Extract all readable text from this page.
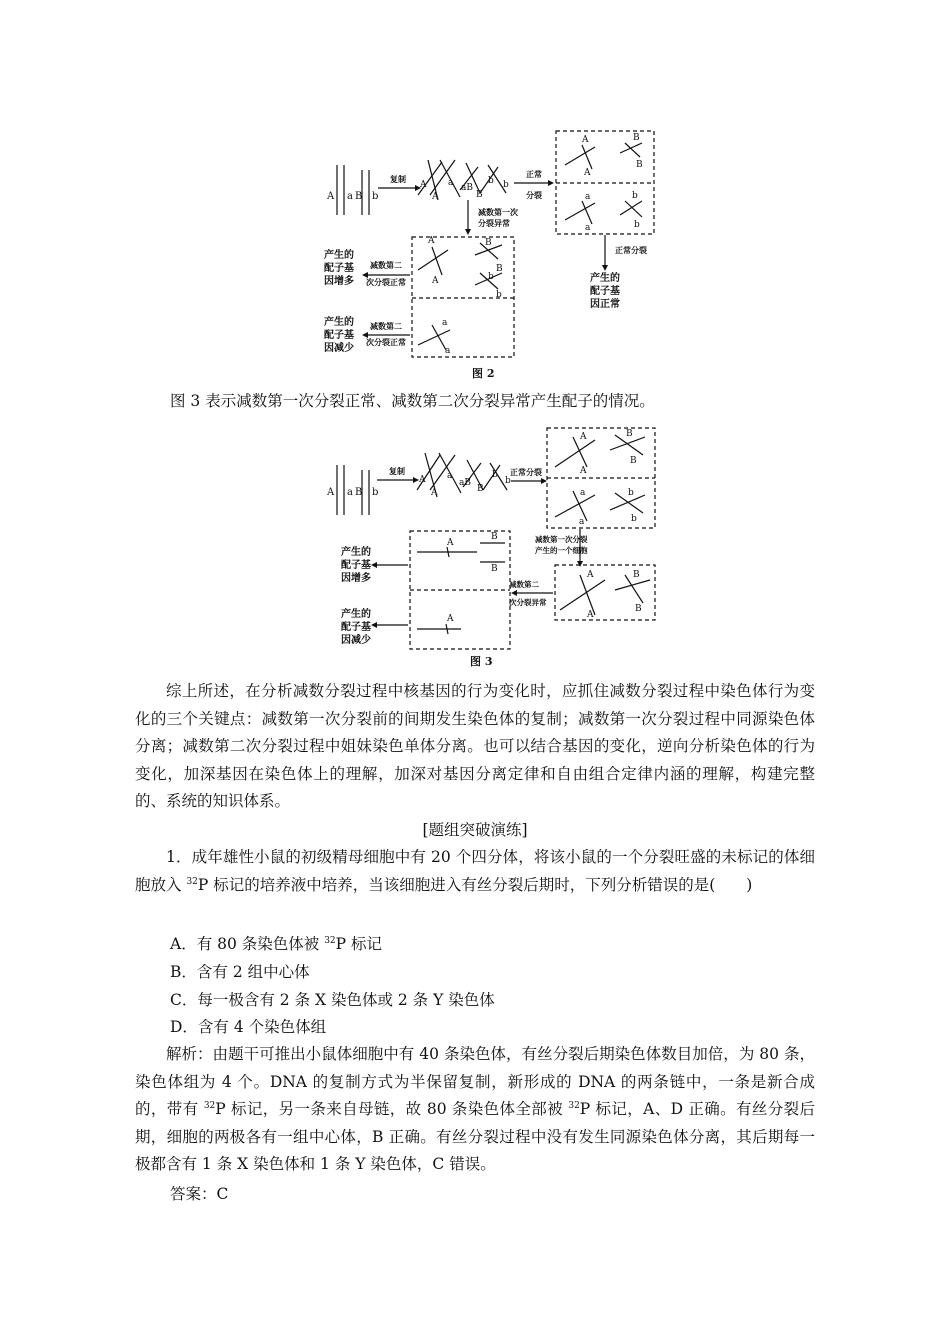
A a B b
复制
A
A
a aB
B
b b
正常
分裂
A
A
B
B
a
a
b
b
正常分裂
产生的
配子基
因正常
减数第一次
分裂异常
A
A
B
B
b
b
a
a
减数第二
次分裂正常
产生的
配子基
因增多
减数第二
次分裂正常
产生的
配子基
因减少
图 2
图 3 表示减数第一次分裂正常、减数第二次分裂异常产生配子的情况。
A a B b
复制
A
A
a
aB
B
b
b
正常分裂
A
A
B
B
a
a
b
b
减数第一次分裂
产生的一个细胞
A
A
B
B
减数第二
次分裂异常
A
B
B
A
产生的
配子基
因增多
产生的
配子基
因减少
图 3

综上所述，在分析减数分裂过程中核基因的行为变化时，应抓住减数分裂过程中染色体行为变化的三个关键点：减数第一次分裂前的间期发生染色体的复制；减数第一次分裂过程中同源染色体分离；减数第二次分裂过程中姐妹染色单体分离。也可以结合基因的变化，逆向分析染色体的行为变化，加深基因在染色体上的理解，加深对基因分离定律和自由组合定律内涵的理解，构建完整的、系统的知识体系。

[题组突破演练]

1．成年雄性小鼠的初级精母细胞中有 20 个四分体，将该小鼠的一个分裂旺盛的未标记的体细胞放入 $^{32}$P 标记的培养液中培养，当该细胞进入有丝分裂后期时，下列分析错误的是(　　)

A．有 80 条染色体被 $^{32}$P 标记
B．含有 2 组中心体
C．每一极含有 2 条 X 染色体或 2 条 Y 染色体
D．含有 4 个染色体组

解析：由题干可推出小鼠体细胞中有 40 条染色体，有丝分裂后期染色体数目加倍，为 80 条，染色体组为 4 个。DNA 的复制方式为半保留复制，新形成的 DNA 的两条链中，一条是新合成的，带有 $^{32}$P 标记，另一条来自母链，故 80 条染色体全部被 $^{32}$P 标记，A、D 正确。有丝分裂后期，细胞的两极各有一组中心体，B 正确。有丝分裂过程中没有发生同源染色体分离，其后期每一极都含有 1 条 X 染色体和 1 条 Y 染色体，C 错误。

答案：C
